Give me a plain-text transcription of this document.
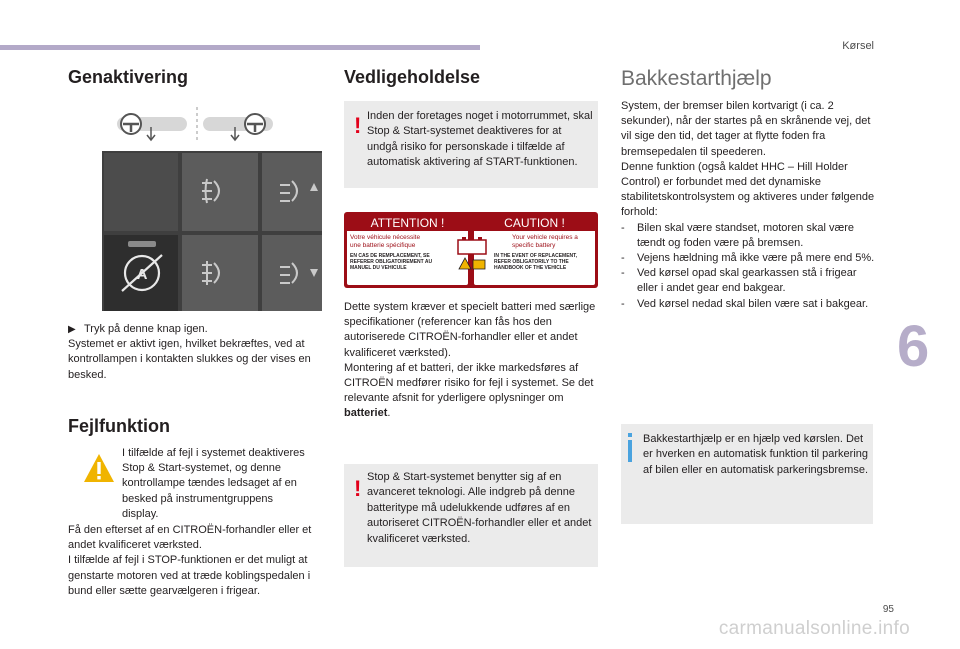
Kørsel
6
95
carmanualsonline.info
Genaktivering
A

▶ Tryk på denne knap igen.

Systemet er aktivt igen, hvilket bekræftes, ved at kontrollampen i kontakten slukkes og der vises en besked.

Fejlfunktion
I tilfælde af fejl i systemet deaktiveres Stop & Start-systemet, og denne kontrollampe tændes ledsaget af en besked på instrumentgruppens display.

Få den efterset af en CITROËN-forhandler eller et andet kvalificeret værksted.

I tilfælde af fejl i STOP-funktionen er det muligt at genstarte motoren ved at træde koblingspedalen i bund eller sætte gearvælgeren i frigear.

Vedligeholdelse
! Inden der foretages noget i motorrummet, skal Stop & Start-systemet deaktiveres for at undgå risiko for personskade i tilfælde af automatisk aktivering af START-funktionen.
ATTENTION !	CAUTION !
Votre véhicule nécessite une batterie spécifique
Your vehicle requires a specific battery
EN CAS DE REMPLACEMENT, SE REFERER OBLIGATOIREMENT AU MANUEL DU VEHICULE
IN THE EVENT OF REPLACEMENT, REFER OBLIGATORILY TO THE HANDBOOK OF THE VEHICLE

Dette system kræver et specielt batteri med særlige specifikationer (referencer kan fås hos den autoriserede CITROËN-forhandler eller et andet kvalificeret værksted).

Montering af et batteri, der ikke markedsføres af CITROËN medfører risiko for fejl i systemet. Se det relevante afsnit for yderligere oplysninger om batteriet.

! Stop & Start-systemet benytter sig af en avanceret teknologi. Alle indgreb på denne batteritype må udelukkende udføres af en autoriseret CITROËN-forhandler eller et andet kvalificeret værksted.
Bakkestarthjælp

System, der bremser bilen kortvarigt (i ca. 2 sekunder), når der startes på en skrånende vej, det vil sige den tid, det tager at flytte foden fra bremsepedalen til speederen.

Denne funktion (også kaldet HHC – Hill Holder Control) er forbundet med det dynamiske stabilitetskontrolsystem og aktiveres under følgende forhold:

- Bilen skal være standset, motoren skal være tændt og foden være på bremsen.
- Vejens hældning må ikke være på mere end 5%.
- Ved kørsel opad skal gearkassen stå i frigear eller i andet gear end bakgear.
- Ved kørsel nedad skal bilen være sat i bakgear.
Bakkestarthjælp er en hjælp ved kørslen. Det er hverken en automatisk funktion til parkering af bilen eller en automatisk parkeringsbremse.
